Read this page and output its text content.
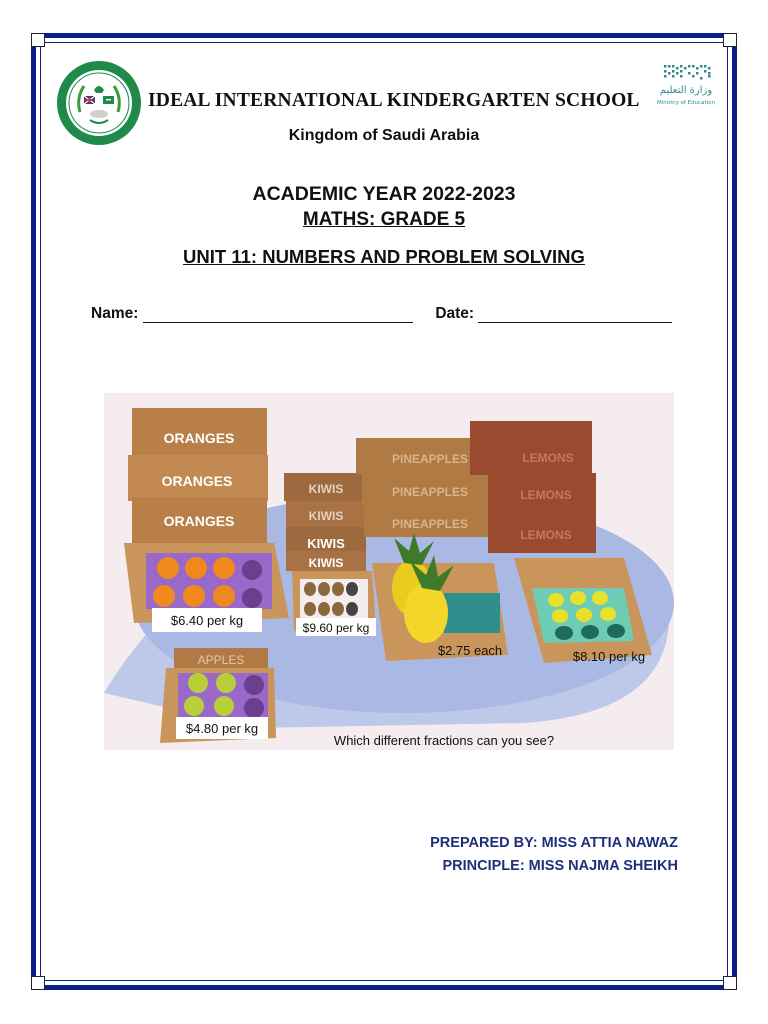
IDEAL INTERNATIONAL KINDERGARTEN SCHOOL وزارة التعليم
Ministry of Education
Kingdom of Saudi Arabia
ACADEMIC YEAR 2022-2023
MATHS: GRADE 5
UNIT 11: NUMBERS AND PROBLEM SOLVING
Name:	Date:
ORANGES
ORANGES
ORANGES
$6.40 per kg
KIWIS
KIWIS
KIWIS
KIWIS
$9.60 per kg
PINEAPPLES
PINEAPPLES
PINEAPPLES
$2.75 each
LEMONS
LEMONS
LEMONS
$8.10 per kg
APPLES
$4.80 per kg
Which different fractions can you see?
PREPARED BY: MISS ATTIA NAWAZ
PRINCIPLE: MISS NAJMA SHEIKH
